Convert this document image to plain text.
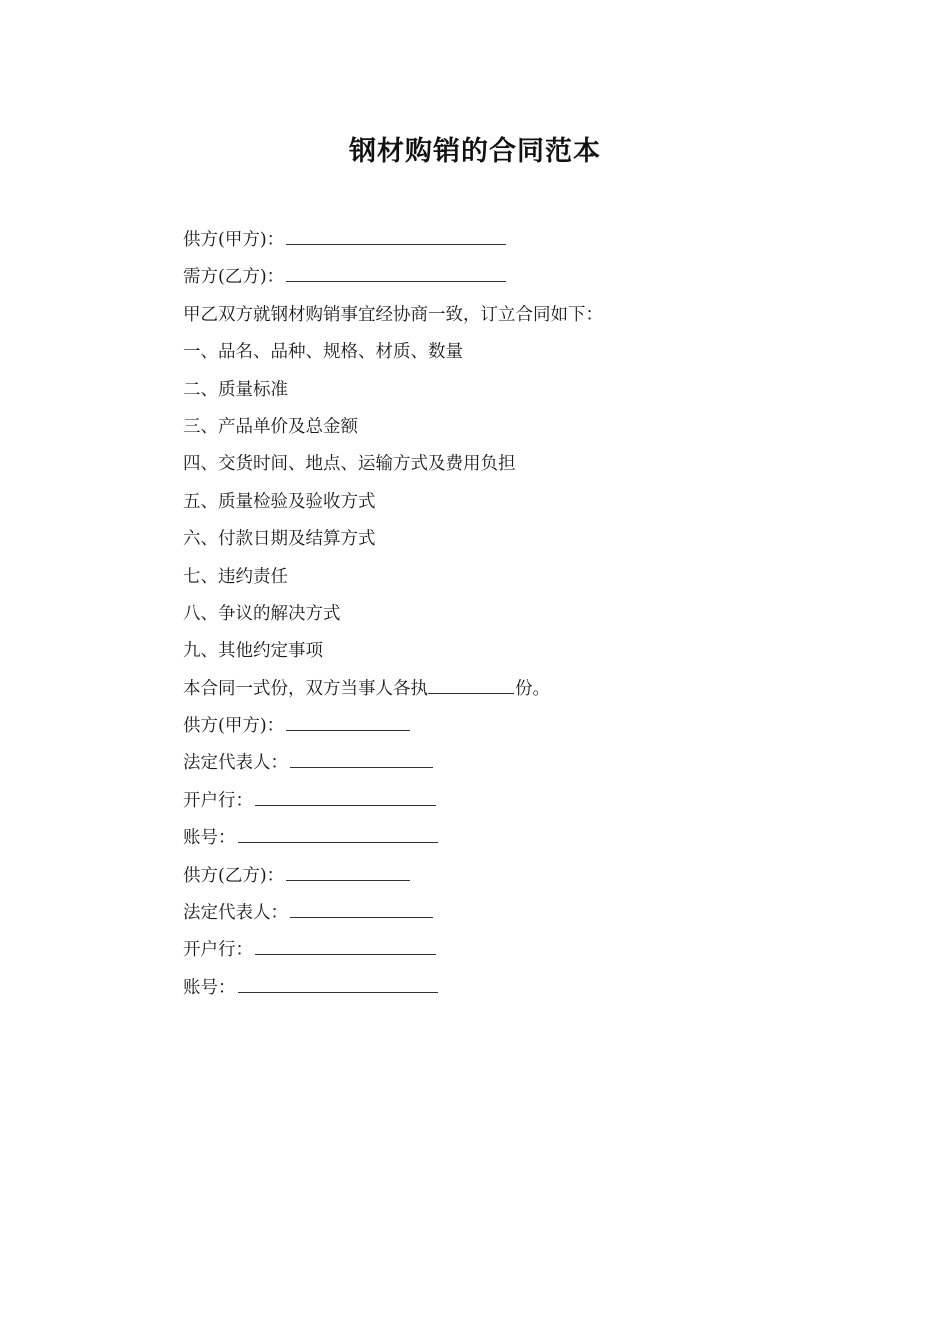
钢材购销的合同范本
供方(甲方)：
需方(乙方)：
甲乙双方就钢材购销事宜经协商一致，订立合同如下：
一、品名、品种、规格、材质、数量
二、质量标准
三、产品单价及总金额
四、交货时间、地点、运输方式及费用负担
五、质量检验及验收方式
六、付款日期及结算方式
七、违约责任
八、争议的解决方式
九、其他约定事项
本合同一式份，双方当事人各执	份。
供方(甲方)：
法定代表人：
开户行：
账号：
供方(乙方)：
法定代表人：
开户行：
账号：
